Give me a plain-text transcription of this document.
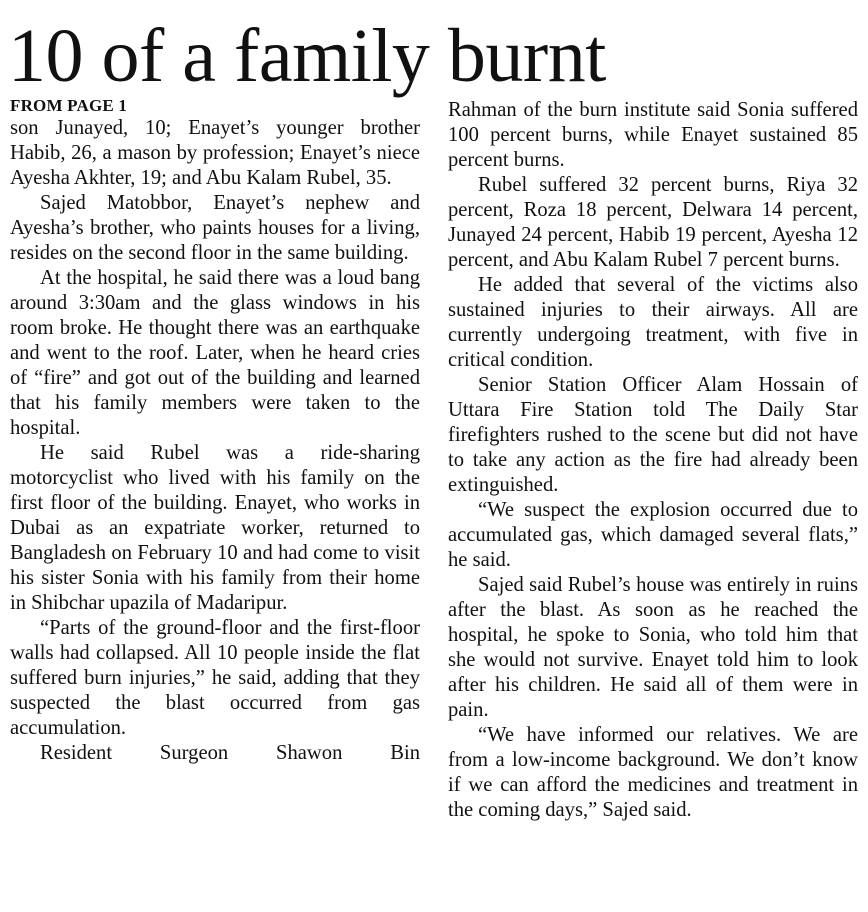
10 of a family burnt
FROM PAGE 1

son Junayed, 10; Enayet’s younger brother Habib, 26, a mason by profession; Enayet’s niece Ayesha Akhter, 19; and Abu Kalam Rubel, 35.

Sajed Matobbor, Enayet’s nephew and Ayesha’s brother, who paints houses for a living, resides on the second floor in the same building.

At the hospital, he said there was a loud bang around 3:30am and the glass windows in his room broke. He thought there was an earthquake and went to the roof. Later, when he heard cries of “fire” and got out of the building and learned that his family members were taken to the hospital.

He said Rubel was a ride-sharing motorcyclist who lived with his family on the first floor of the building. Enayet, who works in Dubai as an expatriate worker, returned to Bangladesh on February 10 and had come to visit his sister Sonia with his family from their home in Shibchar upazila of Madaripur.

“Parts of the ground-floor and the first-floor walls had collapsed. All 10 people inside the flat suffered burn injuries,” he said, adding that they suspected the blast occurred from gas accumulation.

Resident Surgeon Shawon Bin

Rahman of the burn institute said Sonia suffered 100 percent burns, while Enayet sustained 85 percent burns.

Rubel suffered 32 percent burns, Riya 32 percent, Roza 18 percent, Delwara 14 percent, Junayed 24 percent, Habib 19 percent, Ayesha 12 percent, and Abu Kalam Rubel 7 percent burns.

He added that several of the victims also sustained injuries to their airways. All are currently undergoing treatment, with five in critical condition.

Senior Station Officer Alam Hossain of Uttara Fire Station told The Daily Star firefighters rushed to the scene but did not have to take any action as the fire had already been extinguished.

“We suspect the explosion occurred due to accumulated gas, which damaged several flats,” he said.

Sajed said Rubel’s house was entirely in ruins after the blast. As soon as he reached the hospital, he spoke to Sonia, who told him that she would not survive. Enayet told him to look after his children. He said all of them were in pain.

“We have informed our relatives. We are from a low-income background. We don’t know if we can afford the medicines and treatment in the coming days,” Sajed said.
